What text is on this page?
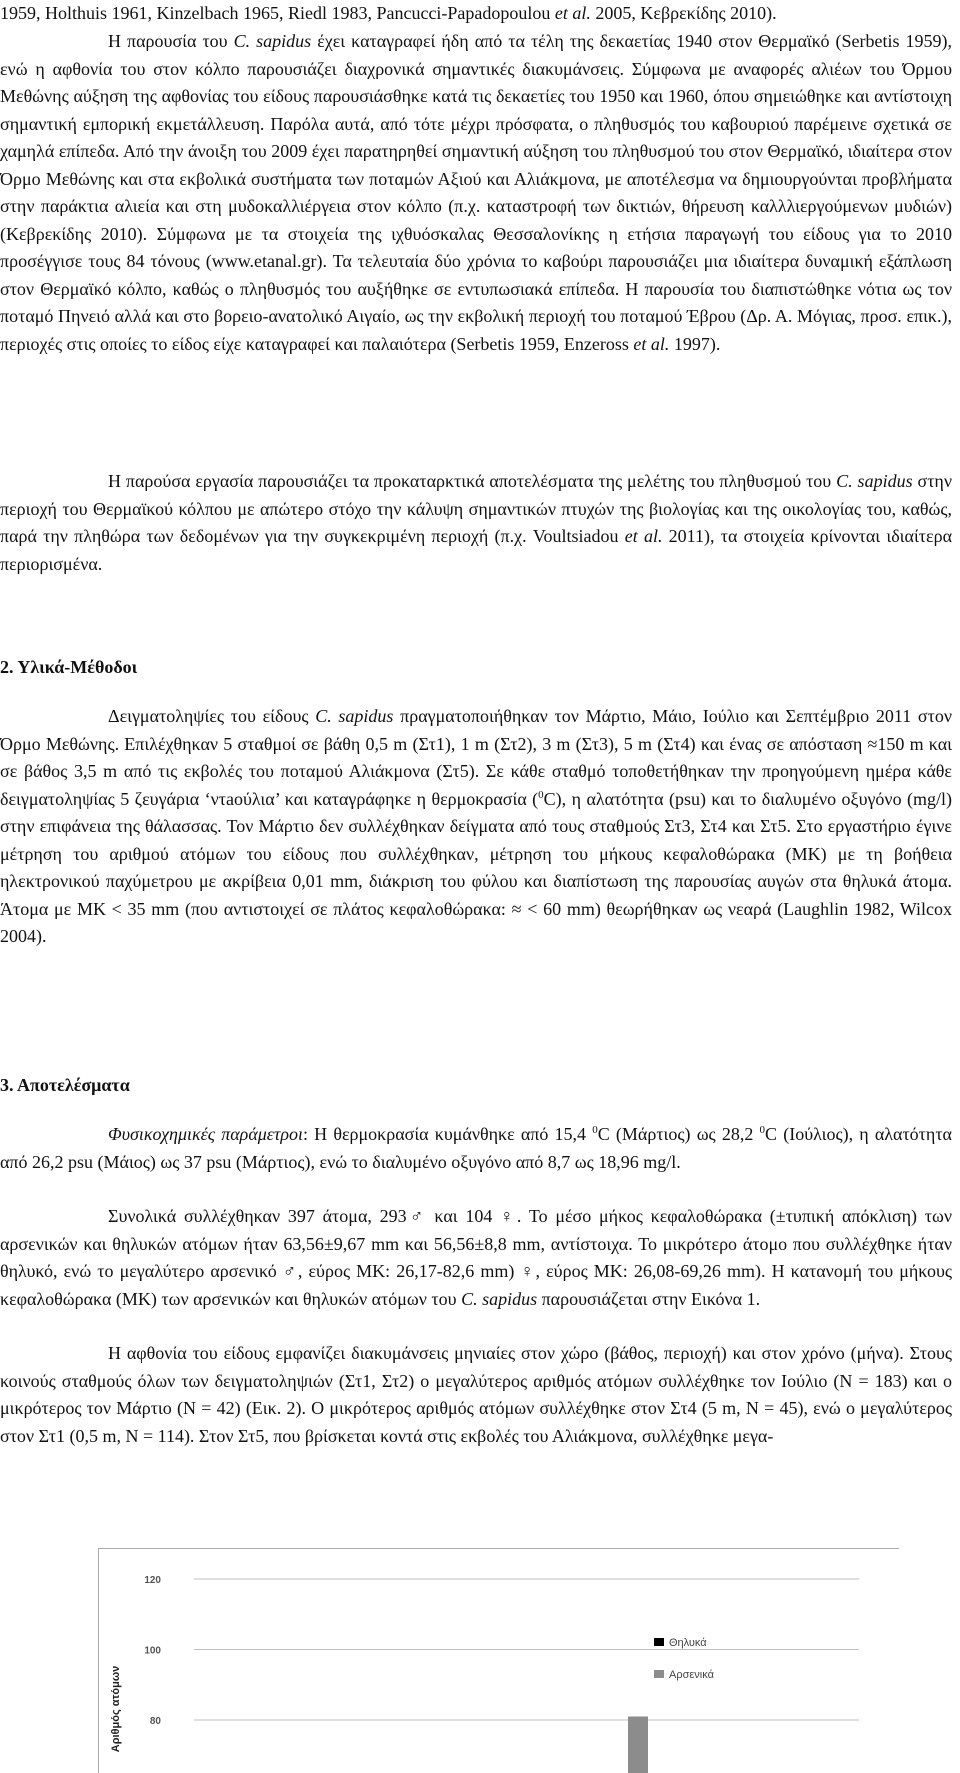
1959, Holthuis 1961, Kinzelbach 1965, Riedl 1983, Pancucci-Papadopoulou et al. 2005, Κεβρεκίδης 2010).

Η παρουσία του C. sapidus έχει καταγραφεί ήδη από τα τέλη της δεκαετίας 1940 στον Θερμαϊκό (Serbetis 1959), ενώ η αφθονία του στον κόλπο παρουσιάζει διαχρονικά σημαντικές διακυμάνσεις. Σύμφωνα με αναφορές αλιέων του Όρμου Μεθώνης αύξηση της αφθονίας του είδους παρουσιάσθηκε κατά τις δεκαετίες του 1950 και 1960, όπου σημειώθηκε και αντίστοιχη σημαντική εμπορική εκμετάλλευση. Παρόλα αυτά, από τότε μέχρι πρόσφατα, ο πληθυσμός του καβουριού παρέμεινε σχετικά σε χαμηλά επίπεδα. Από την άνοιξη του 2009 έχει παρατηρηθεί σημαντική αύξηση του πληθυσμού του στον Θερμαϊκό, ιδιαίτερα στον Όρμο Μεθώνης και στα εκβολικά συστήματα των ποταμών Αξιού και Αλιάκμονα, με αποτέλεσμα να δημιουργούνται προβλήματα στην παράκτια αλιεία και στη μυδοκαλλιέργεια στον κόλπο (π.χ. καταστροφή των δικτιών, θήρευση καλλλιεργούμενων μυδιών) (Κεβρεκίδης 2010). Σύμφωνα με τα στοιχεία της ιχθυόσκαλας Θεσσαλονίκης η ετήσια παραγωγή του είδους για το 2010 προσέγγισε τους 84 τόνους (www.etanal.gr). Τα τελευταία δύο χρόνια το καβούρι παρουσιάζει μια ιδιαίτερα δυναμική εξάπλωση στον Θερμαϊκό κόλπο, καθώς ο πληθυσμός του αυξήθηκε σε εντυπωσιακά επίπεδα. Η παρουσία του διαπιστώθηκε νότια ως τον ποταμό Πηνειό αλλά και στο βορειο-ανατολικό Αιγαίο, ως την εκβολική περιοχή του ποταμού Έβρου (Δρ. Α. Μόγιας, προσ. επικ.), περιοχές στις οποίες το είδος είχε καταγραφεί και παλαιότερα (Serbetis 1959, Enzeross et al. 1997).

Η παρούσα εργασία παρουσιάζει τα προκαταρκτικά αποτελέσματα της μελέτης του πληθυσμού του C. sapidus στην περιοχή του Θερμαϊκού κόλπου με απώτερο στόχο την κάλυψη σημαντικών πτυχών της βιολογίας και της οικολογίας του, καθώς, παρά την πληθώρα των δεδομένων για την συγκεκριμένη περιοχή (π.χ. Voultsiadou et al. 2011), τα στοιχεία κρίνονται ιδιαίτερα περιορισμένα.

2. Υλικά-Μέθοδοι

Δειγματοληψίες του είδους C. sapidus πραγματοποιήθηκαν τον Μάρτιο, Μάιο, Ιούλιο και Σεπτέμβριο 2011 στον Όρμο Μεθώνης. Επιλέχθηκαν 5 σταθμοί σε βάθη 0,5 m (Στ1), 1 m (Στ2), 3 m (Στ3), 5 m (Στ4) και ένας σε απόσταση ≈150 m και σε βάθος 3,5 m από τις εκβολές του ποταμού Αλιάκμονα (Στ5). Σε κάθε σταθμό τοποθετήθηκαν την προηγούμενη ημέρα κάθε δειγματοληψίας 5 ζευγάρια ‘ντaούλια’ και καταγράφηκε η θερμοκρασία ($^0$C), η αλατότητα (psu) και το διαλυμένο οξυγόνο (mg/l) στην επιφάνεια της θάλασσας. Τον Μάρτιο δεν συλλέχθηκαν δείγματα από τους σταθμούς Στ3, Στ4 και Στ5. Στο εργαστήριο έγινε μέτρηση του αριθμού ατόμων του είδους που συλλέχθηκαν, μέτρηση του μήκους κεφαλοθώρακα (ΜΚ) με τη βοήθεια ηλεκτρονικού παχύμετρου με ακρίβεια 0,01 mm, διάκριση του φύλου και διαπίστωση της παρουσίας αυγών στα θηλυκά άτομα. Άτομα με ΜΚ < 35 mm (που αντιστοιχεί σε πλάτος κεφαλοθώρακα: ≈ < 60 mm) θεωρήθηκαν ως νεαρά (Laughlin 1982, Wilcox 2004).

3. Αποτελέσματα

Φυσικοχημικές παράμετροι: Η θερμοκρασία κυμάνθηκε από 15,4 $^0$C (Μάρτιος) ως 28,2 $^0$C (Ιούλιος), η αλατότητα από 26,2 psu (Μάιος) ως 37 psu (Μάρτιος), ενώ το διαλυμένο οξυγόνο από 8,7 ως 18,96 mg/l.

Συνολικά συλλέχθηκαν 397 άτομα, 293♂ και 104 ♀. Το μέσο μήκος κεφαλοθώρακα (±τυπική απόκλιση) των αρσενικών και θηλυκών ατόμων ήταν 63,56±9,67 mm και 56,56±8,8 mm, αντίστοιχα. Το μικρότερο άτομο που συλλέχθηκε ήταν θηλυκό, ενώ το μεγαλύτερο αρσενικό ♂, εύρος ΜΚ: 26,17-82,6 mm) ♀, εύρος ΜΚ: 26,08-69,26 mm). Η κατανομή του μήκους κεφαλοθώρακα (ΜΚ) των αρσενικών και θηλυκών ατόμων του C. sapidus παρουσιάζεται στην Εικόνα 1.

Η αφθονία του είδους εμφανίζει διακυμάνσεις μηνιαίες στον χώρο (βάθος, περιοχή) και στον χρόνο (μήνα). Στους κοινούς σταθμούς όλων των δειγματοληψιών (Στ1, Στ2) ο μεγαλύτερος αριθμός ατόμων συλλέχθηκε τον Ιούλιο (N = 183) και ο μικρότερος τον Μάρτιο (N = 42) (Εικ. 2). Ο μικρότερος αριθμός ατόμων συλλέχθηκε στον Στ4 (5 m, N = 45), ενώ ο μεγαλύτερος στον Στ1 (0,5 m, N = 114). Στον Στ5, που βρίσκεται κοντά στις εκβολές του Αλιάκμονα, συλλέχθηκε μεγα-

120
100
80
Θηλυκά
Αρσενικά
Αριθμός ατόμων
